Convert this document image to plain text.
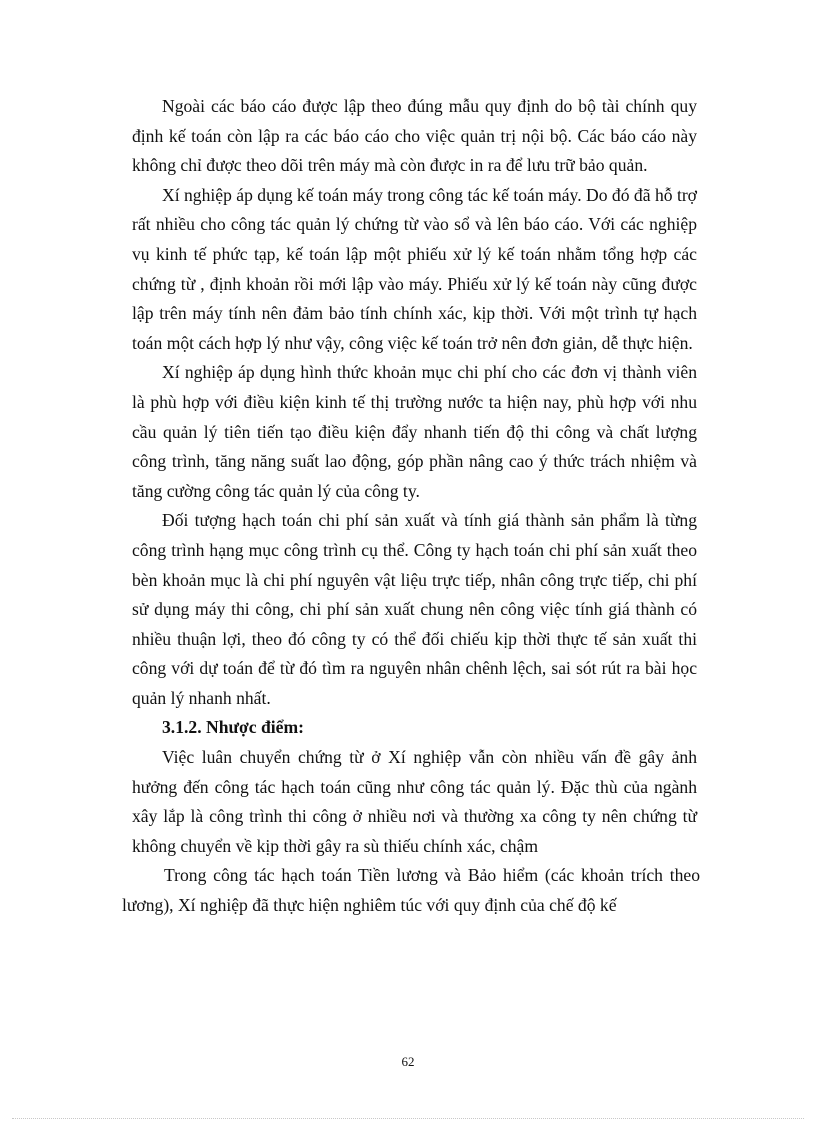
Ngoài các báo cáo được lập theo đúng mẫu quy định do bộ tài chính quy định kế toán còn lập ra các báo cáo cho việc quản trị nội bộ. Các báo cáo này không chỉ được theo dõi trên máy mà còn được in ra để lưu trữ bảo quản.

Xí nghiệp áp dụng kế toán máy trong công tác kế toán máy. Do đó đã hỗ trợ rất nhiều cho công tác quản lý chứng từ vào sổ và lên báo cáo. Với các nghiệp vụ kinh tế phức tạp, kế toán lập một phiếu xử lý kế toán nhằm tổng hợp các chứng từ , định khoản rồi mới lập vào máy. Phiếu xử lý kế toán này cũng được lập trên máy tính nên đảm bảo tính chính xác, kịp thời. Với một trình tự hạch toán một cách hợp lý như vậy, công việc kế toán trở nên đơn giản, dễ thực hiện.

Xí nghiệp áp dụng hình thức khoản mục chi phí cho các đơn vị thành viên là phù hợp với điều kiện kinh tế thị trường nước ta hiện nay, phù hợp với nhu cầu quản lý tiên tiến tạo điều kiện đẩy nhanh tiến độ thi công và chất lượng công trình, tăng năng suất lao động, góp phần nâng cao ý thức trách nhiệm và tăng cường công tác quản lý của công ty.

Đối tượng hạch toán chi phí sản xuất và tính giá thành sản phẩm là từng công trình hạng mục công trình cụ thể. Công ty hạch toán chi phí sản xuất theo bèn khoản mục là chi phí nguyên vật liệu trực tiếp, nhân công trực tiếp, chi phí sử dụng máy thi công, chi phí sản xuất chung nên công việc tính giá thành có nhiều thuận lợi, theo đó công ty có thể đối chiếu kịp thời thực tế sản xuất thi công với dự toán để từ đó tìm ra nguyên nhân chênh lệch, sai sót rút ra bài học quản lý nhanh nhất.

3.1.2. Nhược điểm:

Việc luân chuyển chứng từ ở Xí nghiệp vẫn còn nhiều vấn đề gây ảnh hưởng đến công tác hạch toán cũng như công tác quản lý. Đặc thù của ngành xây lắp là công trình thi công ở nhiều nơi và thường xa công ty nên chứng từ không chuyển về kịp thời gây ra sù thiếu chính xác, chậm

Trong công tác hạch toán Tiền lương và Bảo hiểm (các khoản trích theo lương), Xí nghiệp đã thực hiện nghiêm túc với quy định của chế độ kế

62
